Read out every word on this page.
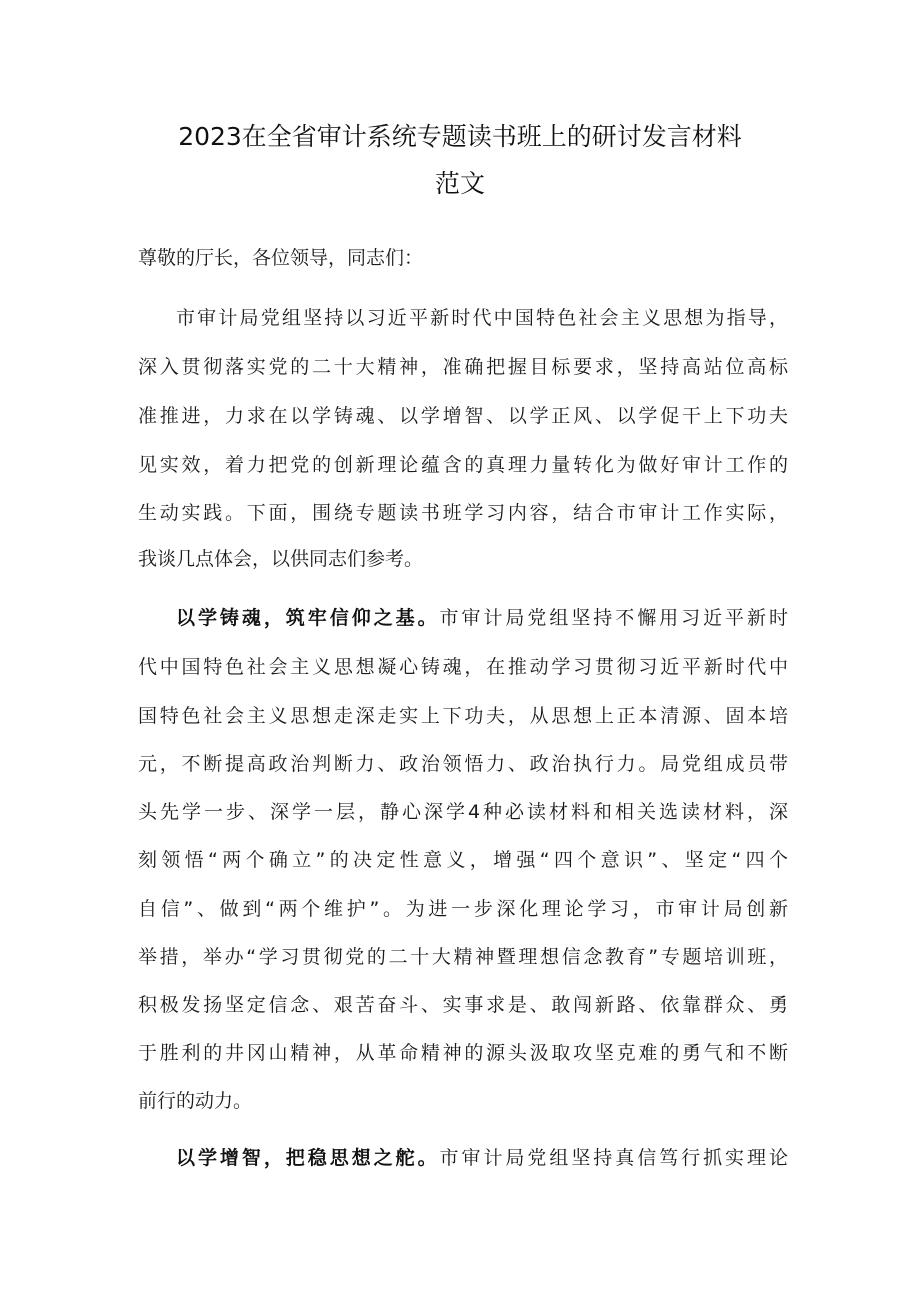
2023在全省审计系统专题读书班上的研讨发言材料
范文
尊敬的厅长，各位领导，同志们：
市审计局党组坚持以习近平新时代中国特色社会主义思想为指导，
深入贯彻落实党的二十大精神，准确把握目标要求，坚持高站位高标
准推进，力求在以学铸魂、以学增智、以学正风、以学促干上下功夫
见实效，着力把党的创新理论蕴含的真理力量转化为做好审计工作的
生动实践。下面，围绕专题读书班学习内容，结合市审计工作实际，
我谈几点体会，以供同志们参考。
以学铸魂，筑牢信仰之基。市审计局党组坚持不懈用习近平新时
代中国特色社会主义思想凝心铸魂，在推动学习贯彻习近平新时代中
国特色社会主义思想走深走实上下功夫，从思想上正本清源、固本培
元，不断提高政治判断力、政治领悟力、政治执行力。局党组成员带
头先学一步、深学一层，静心深学4种必读材料和相关选读材料，深
刻领悟“两个确立”的决定性意义，增强“四个意识”、坚定“四个
自信”、做到“两个维护”。为进一步深化理论学习，市审计局创新
举措，举办“学习贯彻党的二十大精神暨理想信念教育”专题培训班，
积极发扬坚定信念、艰苦奋斗、实事求是、敢闯新路、依靠群众、勇
于胜利的井冈山精神，从革命精神的源头汲取攻坚克难的勇气和不断
前行的动力。
以学增智，把稳思想之舵。市审计局党组坚持真信笃行抓实理论
